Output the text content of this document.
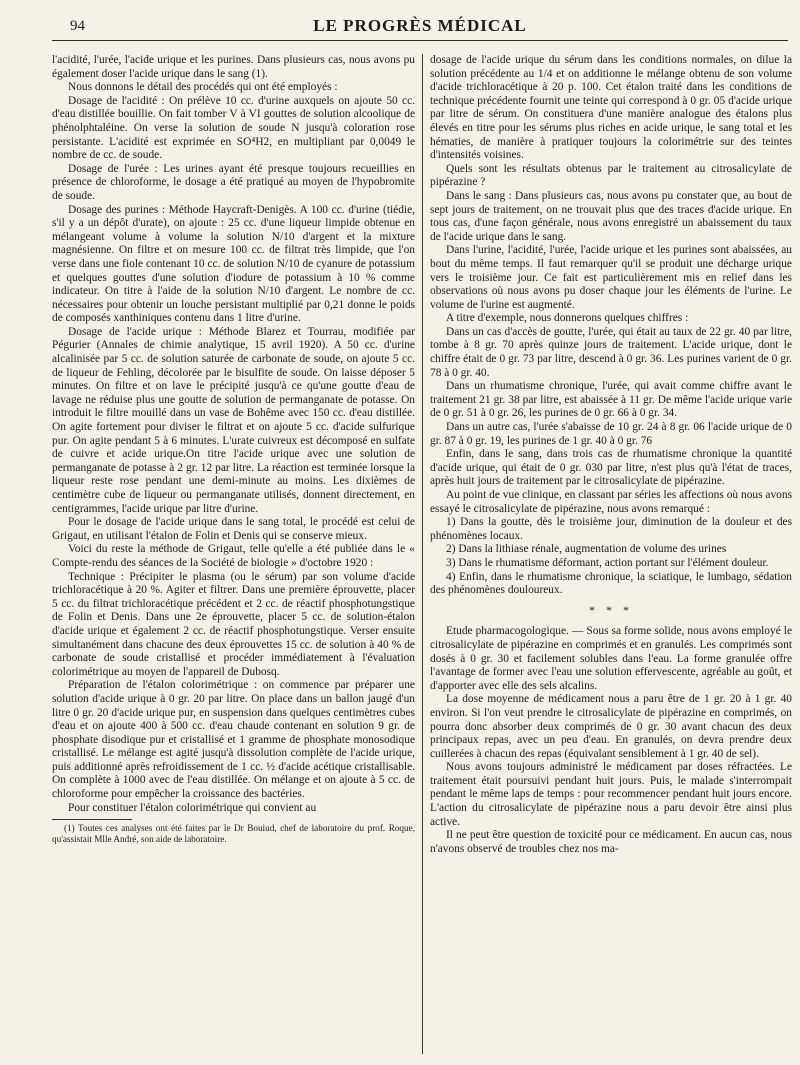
94	LE PROGRÈS MÉDICAL

l'acidité, l'urée, l'acide urique et les purines. Dans plusieurs cas, nous avons pu également doser l'acide urique dans le sang (1).

Nous donnons le détail des procédés qui ont été employés :

Dosage de l'acidité : On prélève 10 cc. d'urine auxquels on ajoute 50 cc. d'eau distillée bouillie. On fait tomber V à VI gouttes de solution alcoolique de phénolphtaléine. On verse la solution de soude N jusqu'à coloration rose persistante. L'acidité est exprimée en SO⁴H2, en multipliant par 0,0049 le nombre de cc. de soude.

Dosage de l'urée : Les urines ayant été presque toujours recueillies en présence de chloroforme, le dosage a été pratiqué au moyen de l'hypobromite de soude.

Dosage des purines : Méthode Haycraft-Denigès. A 100 cc. d'urine (tiédie, s'il y a un dépôt d'urate), on ajoute : 25 cc. d'une liqueur limpide obtenue en mélangeant volume à volume la solution N/10 d'argent et la mixture magnésienne. On filtre et on mesure 100 cc. de filtrat très limpide, que l'on verse dans une fiole contenant 10 cc. de solution N/10 de cyanure de potassium et quelques gouttes d'une solution d'iodure de potassium à 10 % comme indicateur. On titre à l'aide de la solution N/10 d'argent. Le nombre de cc. nécessaires pour obtenir un louche persistant multiplié par 0,21 donne le poids de composés xanthiniques contenu dans 1 litre d'urine.

Dosage de l'acide urique : Méthode Blarez et Tourrau, modifiée par Pégurier (Annales de chimie analytique, 15 avril 1920). A 50 cc. d'urine alcalinisée par 5 cc. de solution saturée de carbonate de soude, on ajoute 5 cc. de liqueur de Fehling, décolorée par le bisulfite de soude. On laisse déposer 5 minutes. On filtre et on lave le précipité jusqu'à ce qu'une goutte d'eau de lavage ne réduise plus une goutte de solution de permanganate de potasse. On introduit le filtre mouillé dans un vase de Bohême avec 150 cc. d'eau distillée. On agite fortement pour diviser le filtrat et on ajoute 5 cc. d'acide sulfurique pur. On agite pendant 5 à 6 minutes. L'urate cuivreux est décomposé en sulfate de cuivre et acide urique.On titre l'acide urique avec une solution de permanganate de potasse à 2 gr. 12 par litre. La réaction est terminée lorsque la liqueur reste rose pendant une demi-minute au moins. Les dixièmes de centimètre cube de liqueur ou permanganate utilisés, donnent directement, en centigrammes, l'acide urique par litre d'urine.

Pour le dosage de l'acide urique dans le sang total, le procédé est celui de Grigaut, en utilisant l'étalon de Folin et Denis qui se conserve mieux.

Voici du reste la méthode de Grigaut, telle qu'elle a été publiée dans le « Compte-rendu des séances de la Société de biologie » d'octobre 1920 :

Technique : Précipiter le plasma (ou le sérum) par son volume d'acide trichloracétique à 20 %. Agiter et filtrer. Dans une première éprouvette, placer 5 cc. du filtrat trichloracétique précédent et 2 cc. de réactif phosphotungstique de Folin et Denis. Dans une 2e éprouvette, placer 5 cc. de solution-étalon d'acide urique et également 2 cc. de réactif phosphotungstique. Verser ensuite simultanément dans chacune des deux éprouvettes 15 cc. de solution à 40 % de carbonate de soude cristallisé et procéder immédiatement à l'évaluation colorimétrique au moyen de l'appareil de Dubosq.

Préparation de l'étalon colorimétrique : on commence par préparer une solution d'acide urique à 0 gr. 20 par litre. On place dans un ballon jaugé d'un litre 0 gr. 20 d'acide urique pur, en suspension dans quelques centimètres cubes d'eau et on ajoute 400 à 500 cc. d'eau chaude contenant en solution 9 gr. de phosphate disodique pur et cristallisé et 1 gramme de phosphate monosodique cristallisé. Le mélange est agité jusqu'à dissolution complète de l'acide urique, puis additionné après refroidissement de 1 cc. ½ d'acide acétique cristallisable. On complète à 1000 avec de l'eau distillée. On mélange et on ajoute à 5 cc. de chloroforme pour empêcher la croissance des bactéries.

Pour constituer l'étalon colorimétrique qui convient au

(1) Toutes ces analyses ont été faites par le Dr Bouiud, chef de laboratoire du prof. Roque, qu'assistait Mlle André, son aide de laboratoire.

dosage de l'acide urique du sérum dans les conditions normales, on dilue la solution précédente au 1/4 et on additionne le mélange obtenu de son volume d'acide trichloracétique à 20 p. 100. Cet étalon traité dans les conditions de technique précédente fournit une teinte qui correspond à 0 gr. 05 d'acide urique par litre de sérum. On constituera d'une manière analogue des étalons plus élevés en titre pour les sérums plus riches en acide urique, le sang total et les hématies, de manière à pratiquer toujours la colorimétrie sur des teintes d'intensités voisines.

Quels sont les résultats obtenus par le traitement au citrosalicylate de pipérazine ?

Dans le sang : Dans plusieurs cas, nous avons pu constater que, au bout de sept jours de traitement, on ne trouvait plus que des traces d'acide urique. En tous cas, d'une façon générale, nous avons enregistré un abaissement du taux de l'acide urique dans le sang.

Dans l'urine, l'acidité, l'urée, l'acide urique et les purines sont abaissées, au bout du même temps. Il faut remarquer qu'il se produit une décharge urique vers le troisième jour. Ce fait est particulièrement mis en relief dans les observations où nous avons pu doser chaque jour les éléments de l'urine. Le volume de l'urine est augmenté.

A titre d'exemple, nous donnerons quelques chiffres :

Dans un cas d'accès de goutte, l'urée, qui était au taux de 22 gr. 40 par litre, tombe à 8 gr. 70 après quinze jours de traitement. L'acide urique, dont le chiffre était de 0 gr. 73 par litre, descend à 0 gr. 36. Les purines varient de 0 gr. 78 à 0 gr. 40.

Dans un rhumatisme chronique, l'urée, qui avait comme chiffre avant le traitement 21 gr. 38 par litre, est abaissée à 11 gr. De même l'acide urique varie de 0 gr. 51 à 0 gr. 26, les purines de 0 gr. 66 à 0 gr. 34.

Dans un autre cas, l'urée s'abaisse de 10 gr. 24 à 8 gr. 06 l'acide urique de 0 gr. 87 à 0 gr. 19, les purines de 1 gr. 40 à 0 gr. 76

Enfin, dans le sang, dans trois cas de rhumatisme chronique la quantité d'acide urique, qui était de 0 gr. 030 par litre, n'est plus qu'à l'état de traces, après huit jours de traitement par le citrosalicylate de pipérazine.

Au point de vue clinique, en classant par séries les affections où nous avons essayé le citrosalicylate de pipérazine, nous avons remarqué :

1) Dans la goutte, dès le troisième jour, diminution de la douleur et des phénomènes locaux.

2) Dans la lithiase rénale, augmentation de volume des urines

3) Dans le rhumatisme déformant, action portant sur l'élément douleur.

4) Enfin, dans le rhumatisme chronique, la sciatique, le lumbago, sédation des phénomènes douloureux.

* * *

Etude pharmacogologique. — Sous sa forme solide, nous avons employé le citrosalicylate de pipérazine en comprimés et en granulés. Les comprimés sont dosés à 0 gr. 30 et facilement solubles dans l'eau. La forme granulée offre l'avantage de former avec l'eau une solution effervescente, agréable au goût, et d'apporter avec elle des sels alcalins.

La dose moyenne de médicament nous a paru être de 1 gr. 20 à 1 gr. 40 environ. Si l'on veut prendre le citrosalicylate de pipérazine en comprimés, on pourra donc absorber deux comprimés de 0 gr. 30 avant chacun des deux principaux repas, avec un peu d'eau. En granulés, on devra prendre deux cuillerées à chacun des repas (équivalant sensiblement à 1 gr. 40 de sel).

Nous avons toujours administré le médicament par doses réfractées. Le traitement était poursuivi pendant huit jours. Puis, le malade s'interrompait pendant le même laps de temps : pour recommencer pendant huit jours encore. L'action du citrosalicylate de pipérazine nous a paru devoir être ainsi plus active.

Il ne peut être question de toxicité pour ce médicament. En aucun cas, nous n'avons observé de troubles chez nos ma-
